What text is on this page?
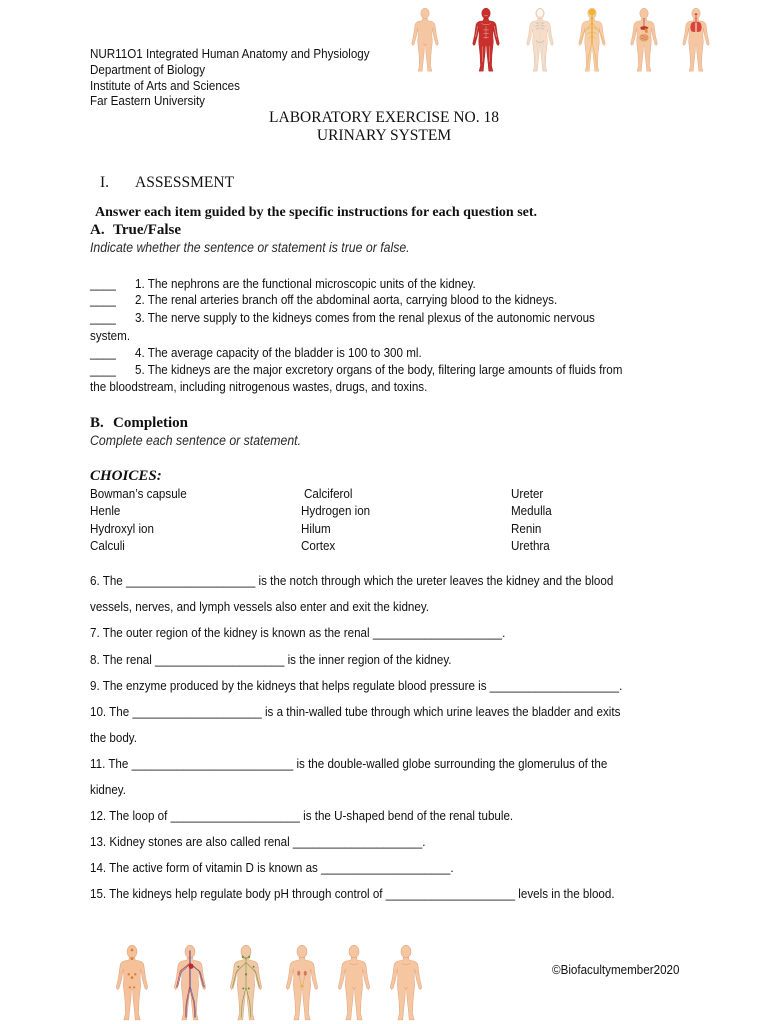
NUR11O1 Integrated Human Anatomy and Physiology
Department of Biology
Institute of Arts and Sciences
Far Eastern University
LABORATORY EXERCISE NO. 18
URINARY SYSTEM
I. ASSESSMENT
Answer each item guided by the specific instructions for each question set.
A. True/False
Indicate whether the sentence or statement is true or false.
____ 1. The nephrons are the functional microscopic units of the kidney.
____ 2. The renal arteries branch off the abdominal aorta, carrying blood to the kidneys.
____ 3. The nerve supply to the kidneys comes from the renal plexus of the autonomic nervous
system.
____ 4. The average capacity of the bladder is 100 to 300 ml.
____ 5. The kidneys are the major excretory organs of the body, filtering large amounts of fluids from
the bloodstream, including nitrogenous wastes, drugs, and toxins.
B. Completion
Complete each sentence or statement.
CHOICES:
Bowman’s capsule	Calciferol	Ureter
Henle	Hydrogen ion	Medulla
Hydroxyl ion	Hilum	Renin
Calculi	Cortex	Urethra
6. The ____________________ is the notch through which the ureter leaves the kidney and the blood
vessels, nerves, and lymph vessels also enter and exit the kidney.
7. The outer region of the kidney is known as the renal ____________________.
8. The renal ____________________ is the inner region of the kidney.
9. The enzyme produced by the kidneys that helps regulate blood pressure is ____________________.
10. The ____________________ is a thin-walled tube through which urine leaves the bladder and exits
the body.
11. The _________________________ is the double-walled globe surrounding the glomerulus of the
kidney.
12. The loop of ____________________ is the U-shaped bend of the renal tubule.
13. Kidney stones are also called renal ____________________.
14. The active form of vitamin D is known as ____________________.
15. The kidneys help regulate body pH through control of ____________________ levels in the blood.
©Biofacultymember2020
